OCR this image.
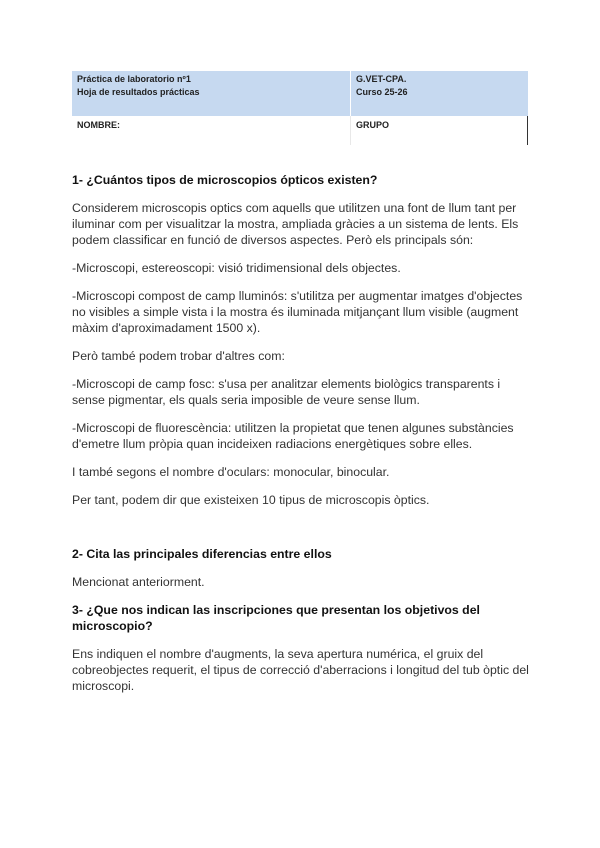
Práctica de laboratorio nº1	G.VET-CPA.
Hoja de resultados prácticas	Curso 25-26
NOMBRE:	GRUPO

1- ¿Cuántos tipos de microscopios ópticos existen?

Considerem microscopis optics com aquells que utilitzen una font de llum tant per iluminar com per visualitzar la mostra, ampliada gràcies a un sistema de lents. Els podem classificar en funció de diversos aspectes. Però els principals són:

-Microscopi, estereoscopi: visió tridimensional dels objectes.

-Microscopi compost de camp lluminós: s'utilitza per augmentar imatges d'objectes no visibles a simple vista i la mostra és iluminada mitjançant llum visible (augment màxim d'aproximadament 1500 x).

Però també podem trobar d'altres com:

-Microscopi de camp fosc: s'usa per analitzar elements biològics transparents i sense pigmentar, els quals seria imposible de veure sense llum.

-Microscopi de fluorescència: utilitzen la propietat que tenen algunes substàncies d'emetre llum pròpia quan incideixen radiacions energètiques sobre elles.

I també segons el nombre d'oculars: monocular, binocular.

Per tant, podem dir que existeixen 10 tipus de microscopis òptics.

2- Cita las principales diferencias entre ellos

Mencionat anteriorment.

3- ¿Que nos indican las inscripciones que presentan los objetivos del microscopio?

Ens indiquen el nombre d'augments, la seva apertura numérica, el gruix del cobreobjectes requerit, el tipus de correcció d'aberracions i longitud del tub òptic del microscopi.
